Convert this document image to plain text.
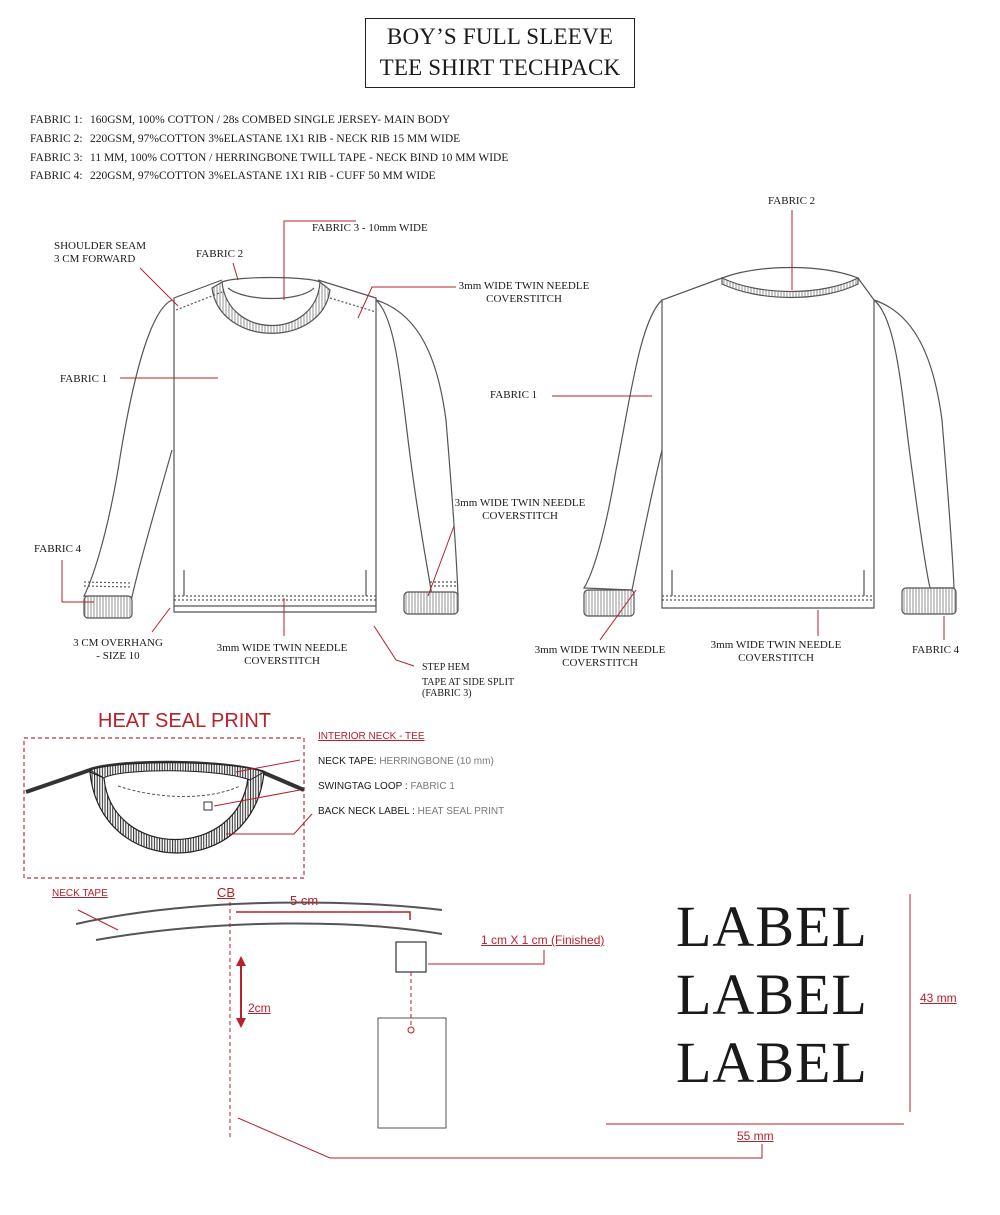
BOY’S FULL SLEEVE
TEE SHIRT TECHPACK
FABRIC 1: 160GSM, 100% COTTON / 28s COMBED SINGLE JERSEY- MAIN BODY
FABRIC 2: 220GSM, 97%COTTON 3%ELASTANE 1X1 RIB - NECK RIB 15 MM WIDE
FABRIC 3: 11 MM, 100% COTTON / HERRINGBONE TWILL TAPE - NECK BIND 10 MM WIDE
FABRIC 4: 220GSM, 97%COTTON 3%ELASTANE 1X1 RIB - CUFF 50 MM WIDE
FABRIC 3 - 10mm WIDE
SHOULDER SEAM
3 CM FORWARD	FABRIC 2
3mm WIDE TWIN NEEDLE
COVERSTITCH
FABRIC 1
3mm WIDE TWIN NEEDLE
COVERSTITCH
FABRIC 4
3 CM OVERHANG
- SIZE 10
3mm WIDE TWIN NEEDLE
COVERSTITCH
STEP HEM
TAPE AT SIDE SPLIT
(FABRIC 3)
FABRIC 2
FABRIC 1
3mm WIDE TWIN NEEDLE
COVERSTITCH
3mm WIDE TWIN NEEDLE
COVERSTITCH
FABRIC 4
HEAT SEAL PRINT
INTERIOR NECK - TEE
NECK TAPE: HERRINGBONE (10 mm)
SWINGTAG LOOP : FABRIC 1
BACK NECK LABEL : HEAT SEAL PRINT
NECK TAPE	CB
5 cm
1 cm X 1 cm (Finished)
2cm
LABEL
LABEL
LABEL
43 mm
55 mm
